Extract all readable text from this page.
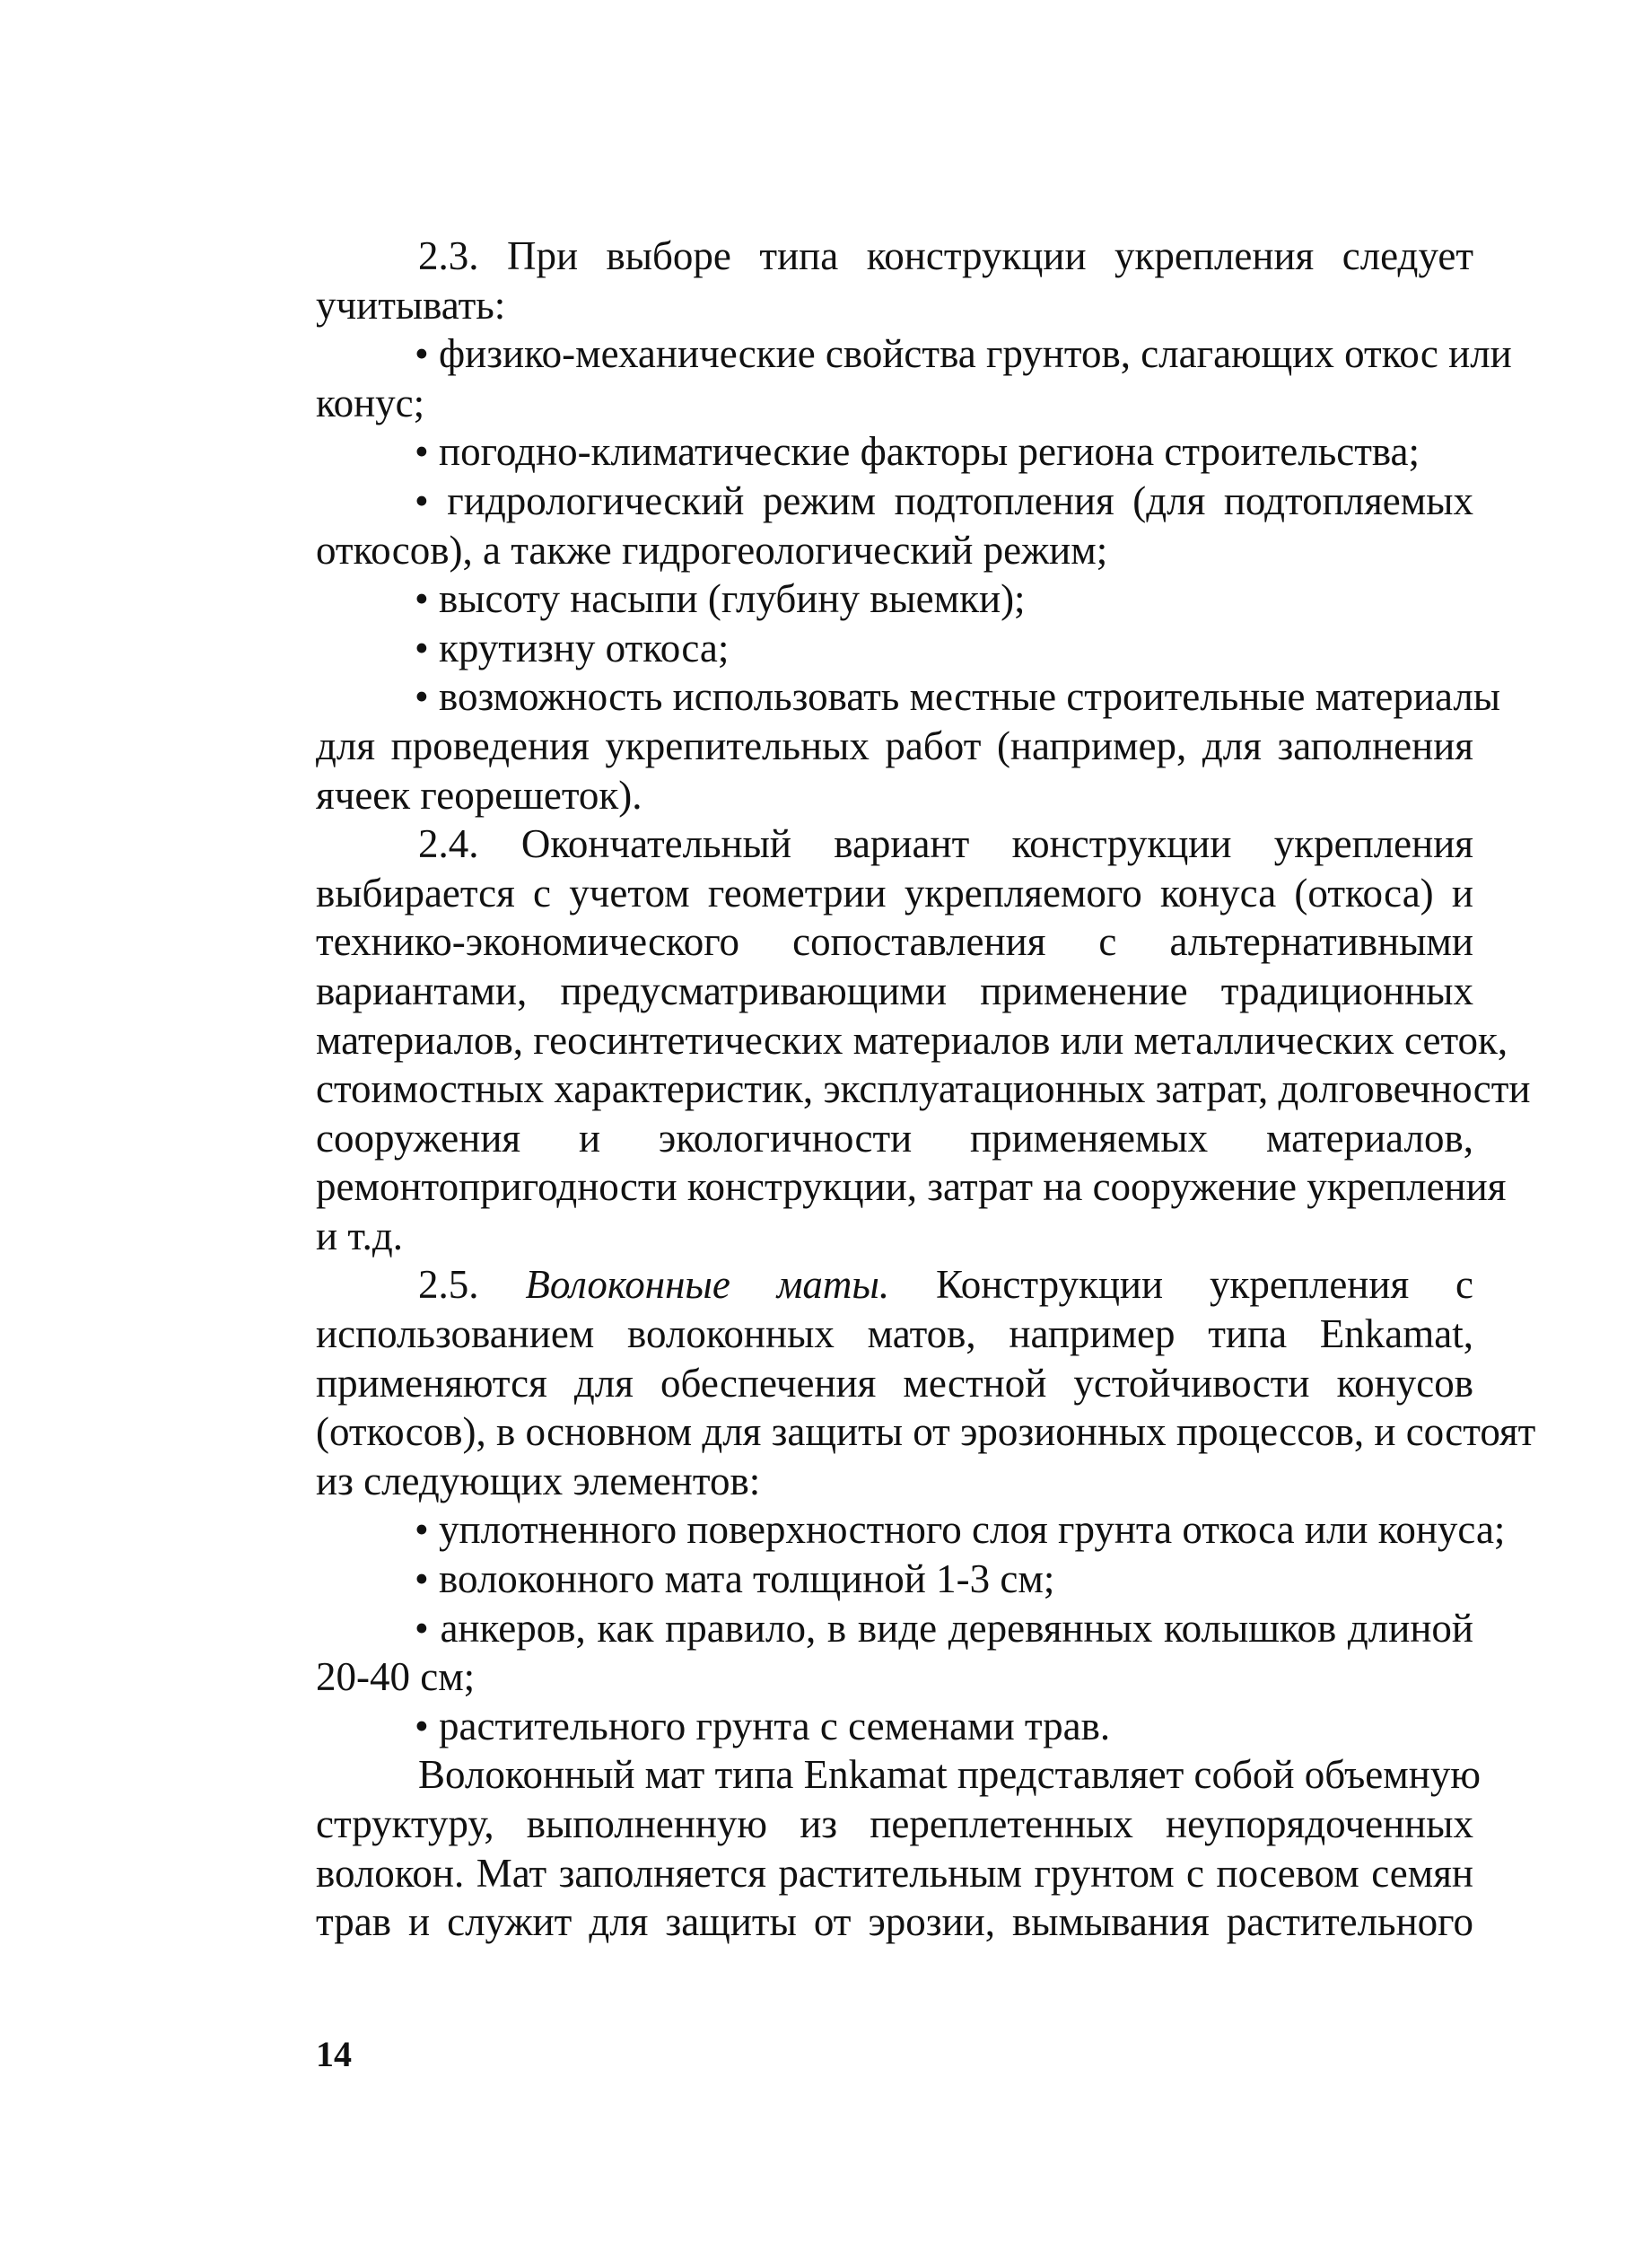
2.3. При выборе типа конструкции укрепления следует

учитывать:

• физико-механические свойства грунтов, слагающих откос или

конус;

• погодно-климатические факторы региона строительства;

• гидрологический режим подтопления (для подтопляемых

откосов), а также гидрогеологический режим;

• высоту насыпи (глубину выемки);

• крутизну откоса;

• возможность использовать местные строительные материалы

для проведения укрепительных работ (например, для заполнения

ячеек георешеток).

2.4. Окончательный вариант конструкции укрепления

выбирается с учетом геометрии укрепляемого конуса (откоса) и

технико-экономического сопоставления с альтернативными

вариантами, предусматривающими применение традиционных

материалов, геосинтетических материалов или металлических сеток,

стоимостных характеристик, эксплуатационных затрат, долговечности

сооружения и экологичности применяемых материалов,

ремонтопригодности конструкции, затрат на сооружение укрепления

и т.д.

2.5. Волоконные маты. Конструкции укрепления с

использованием волоконных матов, например типа Enkamat,

применяются для обеспечения местной устойчивости конусов

(откосов), в основном для защиты от эрозионных процессов, и состоят

из следующих элементов:

• уплотненного поверхностного слоя грунта откоса или конуса;

• волоконного мата толщиной 1-3 см;

• анкеров, как правило, в виде деревянных колышков длиной

20-40 см;

• растительного грунта с семенами трав.

Волоконный мат типа Enkamat представляет собой объемную

структуру, выполненную из переплетенных неупорядоченных

волокон. Мат заполняется растительным грунтом с посевом семян

трав и служит для защиты от эрозии, вымывания растительного

14
